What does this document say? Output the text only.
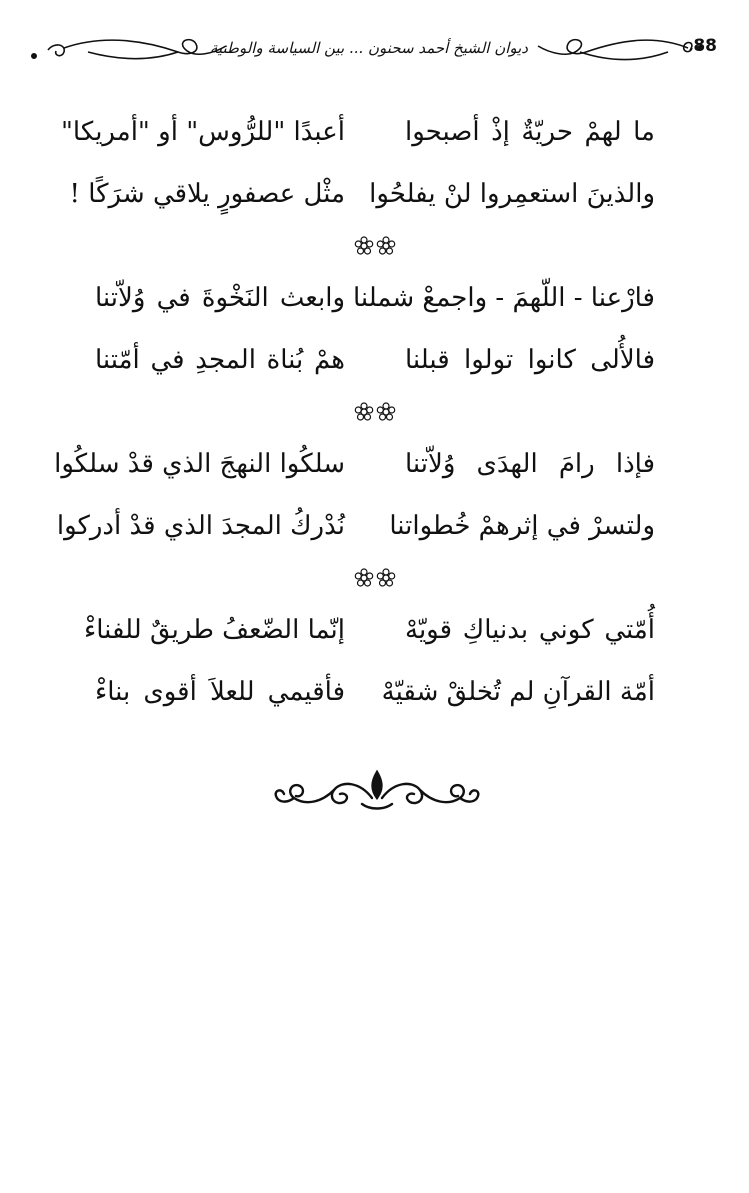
ديوان الشيخ أحمد سحنون ... بين السياسة والوطنية	88
ما لهمْ حريّةٌ إذْ أصبحوا
أعبدًا "للرُّوس" أو "أمريكا"
والذينَ استعمِروا لنْ يفلحُوا
مثْل عصفورٍ يلاقي شرَكًا !
فارْعنا - اللّهمَ - واجمعْ شملنا
وابعث النَخْوةَ في وُلاّتنا
فالأُلى كانوا تولوا قبلنا
همْ بُناة المجدِ في أمّتنا
فإذا رامَ الهدَى وُلاّتنا
سلكُوا النهجَ الذي قدْ سلكُوا
ولتسرْ في إثرهمْ خُطواتنا
نُدْركُ المجدَ الذي قدْ أدركوا
أُمّتي كوني بدنياكِ قويّهْ
إنّما الضّعفُ طريقٌ للفناءْ
أمّة القرآنِ لم تُخلقْ شقيّهْ
فأقيمي للعلاَ أقوى بناءْ
